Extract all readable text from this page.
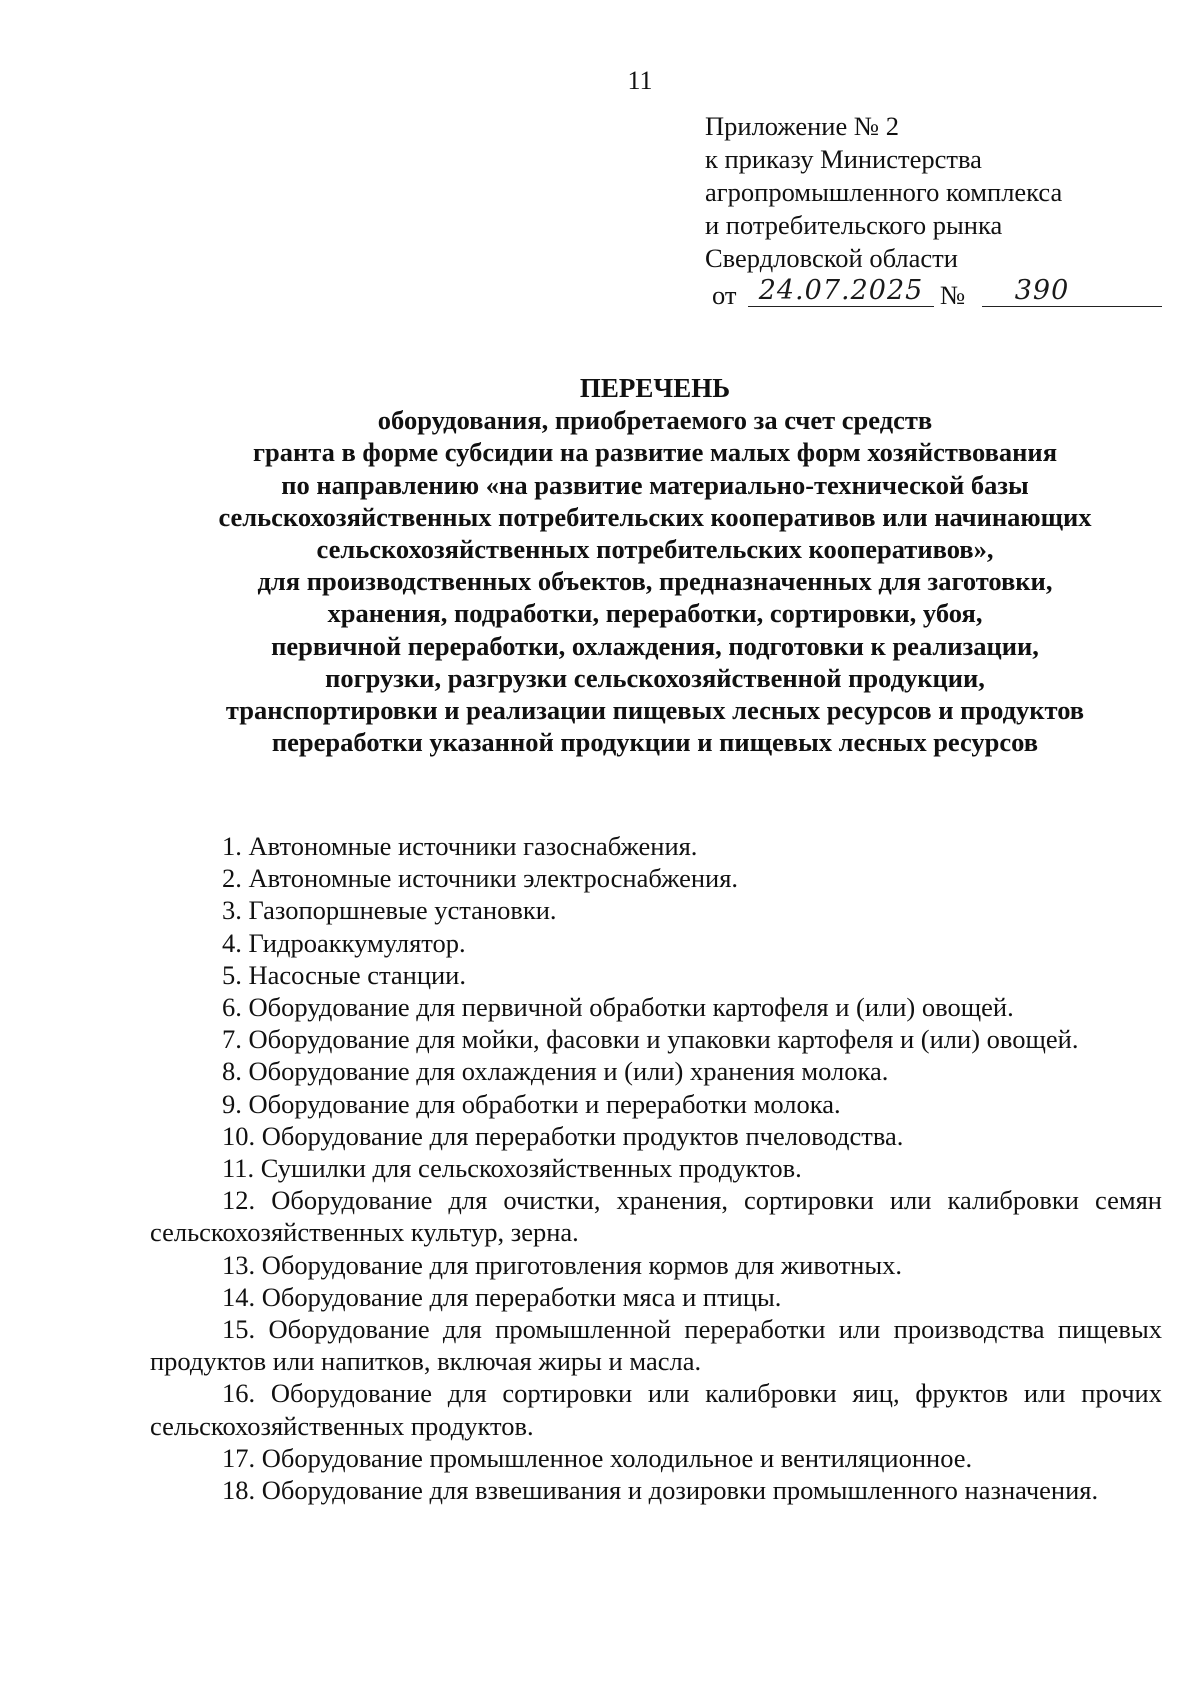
11
Приложение № 2
к приказу Министерства
агропромышленного комплекса
и потребительского рынка
Свердловской области
от 24.07.2025 №	390
ПЕРЕЧЕНЬ
оборудования, приобретаемого за счет средств
гранта в форме субсидии на развитие малых форм хозяйствования
по направлению «на развитие материально-технической базы
сельскохозяйственных потребительских кооперативов или начинающих
сельскохозяйственных потребительских кооперативов»,
для производственных объектов, предназначенных для заготовки,
хранения, подработки, переработки, сортировки, убоя,
первичной переработки, охлаждения, подготовки к реализации,
погрузки, разгрузки сельскохозяйственной продукции,
транспортировки и реализации пищевых лесных ресурсов и продуктов
переработки указанной продукции и пищевых лесных ресурсов
1. Автономные источники газоснабжения.
2. Автономные источники электроснабжения.
3. Газопоршневые установки.
4. Гидроаккумулятор.
5. Насосные станции.
6. Оборудование для первичной обработки картофеля и (или) овощей.
7. Оборудование для мойки, фасовки и упаковки картофеля и (или) овощей.
8. Оборудование для охлаждения и (или) хранения молока.
9. Оборудование для обработки и переработки молока.
10. Оборудование для переработки продуктов пчеловодства.
11. Сушилки для сельскохозяйственных продуктов.
12. Оборудование для очистки, хранения, сортировки или калибровки семян сельскохозяйственных культур, зерна.
13. Оборудование для приготовления кормов для животных.
14. Оборудование для переработки мяса и птицы.
15. Оборудование для промышленной переработки или производства пищевых продуктов или напитков, включая жиры и масла.
16. Оборудование для сортировки или калибровки яиц, фруктов или прочих сельскохозяйственных продуктов.
17. Оборудование промышленное холодильное и вентиляционное.
18. Оборудование для взвешивания и дозировки промышленного назначения.
